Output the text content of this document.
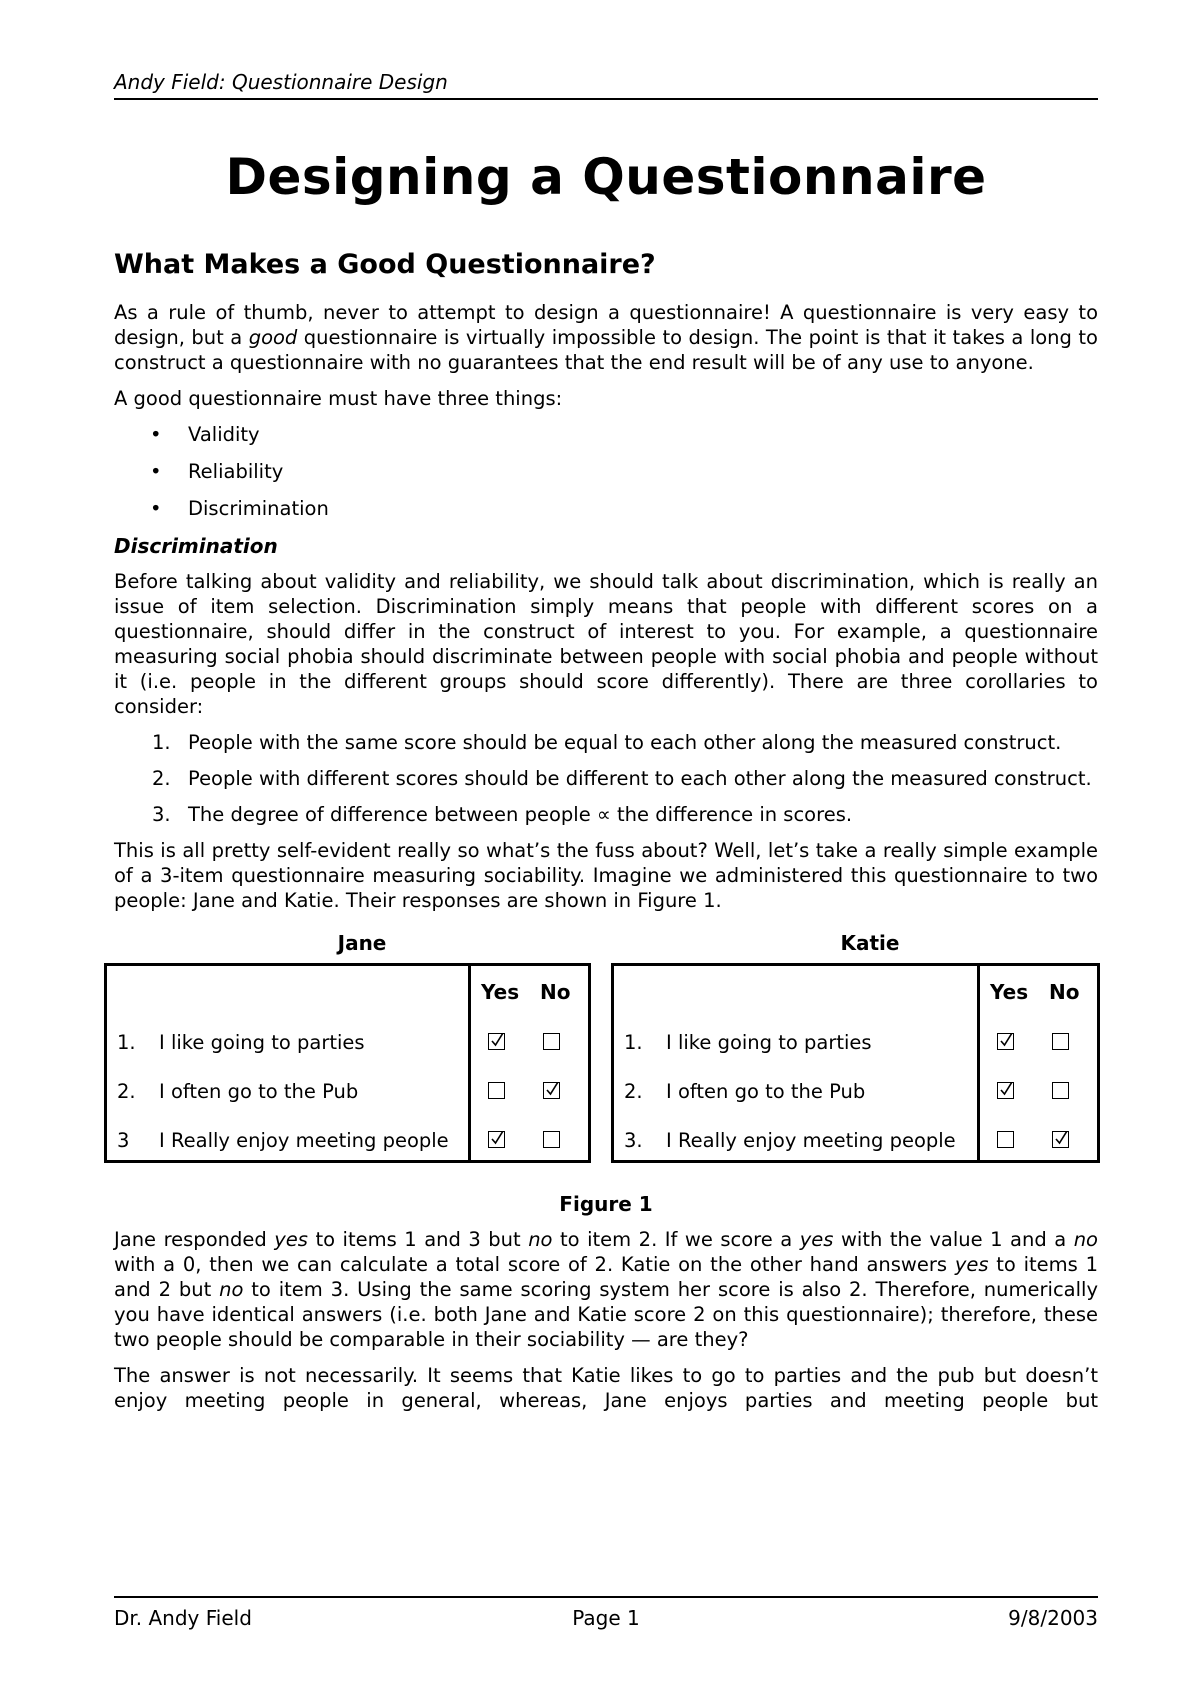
Andy Field: Questionnaire Design
Designing a Questionnaire
What Makes a Good Questionnaire?

As a rule of thumb, never to attempt to design a questionnaire! A questionnaire is very easy to design, but a good questionnaire is virtually impossible to design. The point is that it takes a long to construct a questionnaire with no guarantees that the end result will be of any use to anyone.

A good questionnaire must have three things:

• Validity
• Reliability
• Discrimination
Discrimination

Before talking about validity and reliability, we should talk about discrimination, which is really an issue of item selection. Discrimination simply means that people with different scores on a questionnaire, should differ in the construct of interest to you. For example, a questionnaire measuring social phobia should discriminate between people with social phobia and people without it (i.e. people in the different groups should score differently). There are three corollaries to consider:

1. People with the same score should be equal to each other along the measured construct.
2. People with different scores should be different to each other along the measured construct.
3. The degree of difference between people ∝ the difference in scores.

This is all pretty self-evident really so what’s the fuss about? Well, let’s take a really simple example of a 3-item questionnaire measuring sociability. Imagine we administered this questionnaire to two people: Jane and Katie. Their responses are shown in Figure 1.

Jane
Yes No
1. I like going to parties
2. I often go to the Pub
3 I Really enjoy meeting people
Katie
Yes No
1. I like going to parties
2. I often go to the Pub
3. I Really enjoy meeting people

Figure 1

Jane responded yes to items 1 and 3 but no to item 2. If we score a yes with the value 1 and a no with a 0, then we can calculate a total score of 2. Katie on the other hand answers yes to items 1 and 2 but no to item 3. Using the same scoring system her score is also 2. Therefore, numerically you have identical answers (i.e. both Jane and Katie score 2 on this questionnaire); therefore, these two people should be comparable in their sociability — are they?

The answer is not necessarily. It seems that Katie likes to go to parties and the pub but doesn’t enjoy meeting people in general, whereas, Jane enjoys parties and meeting people but

Dr. Andy Field	Page 1	9/8/2003
